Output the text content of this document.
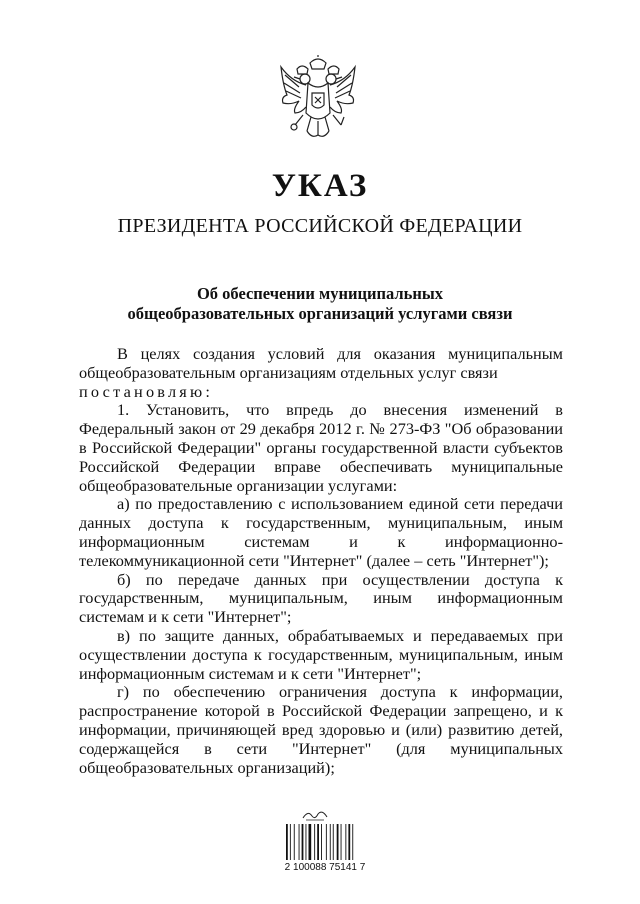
УКАЗ
ПРЕЗИДЕНТА РОССИЙСКОЙ ФЕДЕРАЦИИ
Об обеспечении муниципальных
общеобразовательных организаций услугами связи

В целях создания условий для оказания муниципальным общеобразовательным организациям отдельных услуг связи

постановляю:

1. Установить, что впредь до внесения изменений в Федеральный закон от 29 декабря 2012 г. № 273-ФЗ "Об образовании в Российской Федерации" органы государственной власти субъектов Российской Федерации вправе обеспечивать муниципальные общеобразовательные организации услугами:

а) по предоставлению с использованием единой сети передачи данных доступа к государственным, муниципальным, иным информационным системам и к информационно-телекоммуникационной сети "Интернет" (далее – сеть "Интернет");

б) по передаче данных при осуществлении доступа к государственным, муниципальным, иным информационным системам и к сети "Интернет";

в) по защите данных, обрабатываемых и передаваемых при осуществлении доступа к государственным, муниципальным, иным информационным системам и к сети "Интернет";

г) по обеспечению ограничения доступа к информации, распространение которой в Российской Федерации запрещено, и к информации, причиняющей вред здоровью и (или) развитию детей, содержащейся в сети "Интернет" (для муниципальных общеобразовательных организаций);

2 100088 75141 7
